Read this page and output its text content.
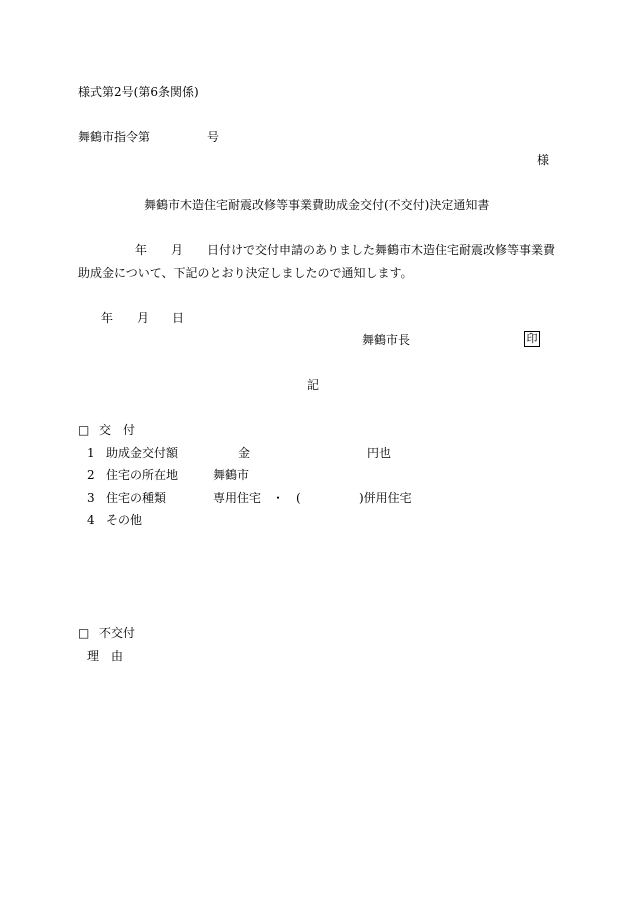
様式第2号(第6条関係)
舞鶴市指令第	号
様
舞鶴市木造住宅耐震改修等事業費助成金交付(不交付)決定通知書
年 月 日付けで交付申請のありました舞鶴市木造住宅耐震改修等事業費
助成金について、下記のとおり決定しましたので通知します。
年 月 日
舞鶴市長	印
記
□ 交　付
1 助成金交付額	金	円也
2 住宅の所在地	舞鶴市
3 住宅の種類	専用住宅 ・ (	)併用住宅
4 その他
□ 不交付
理　由
